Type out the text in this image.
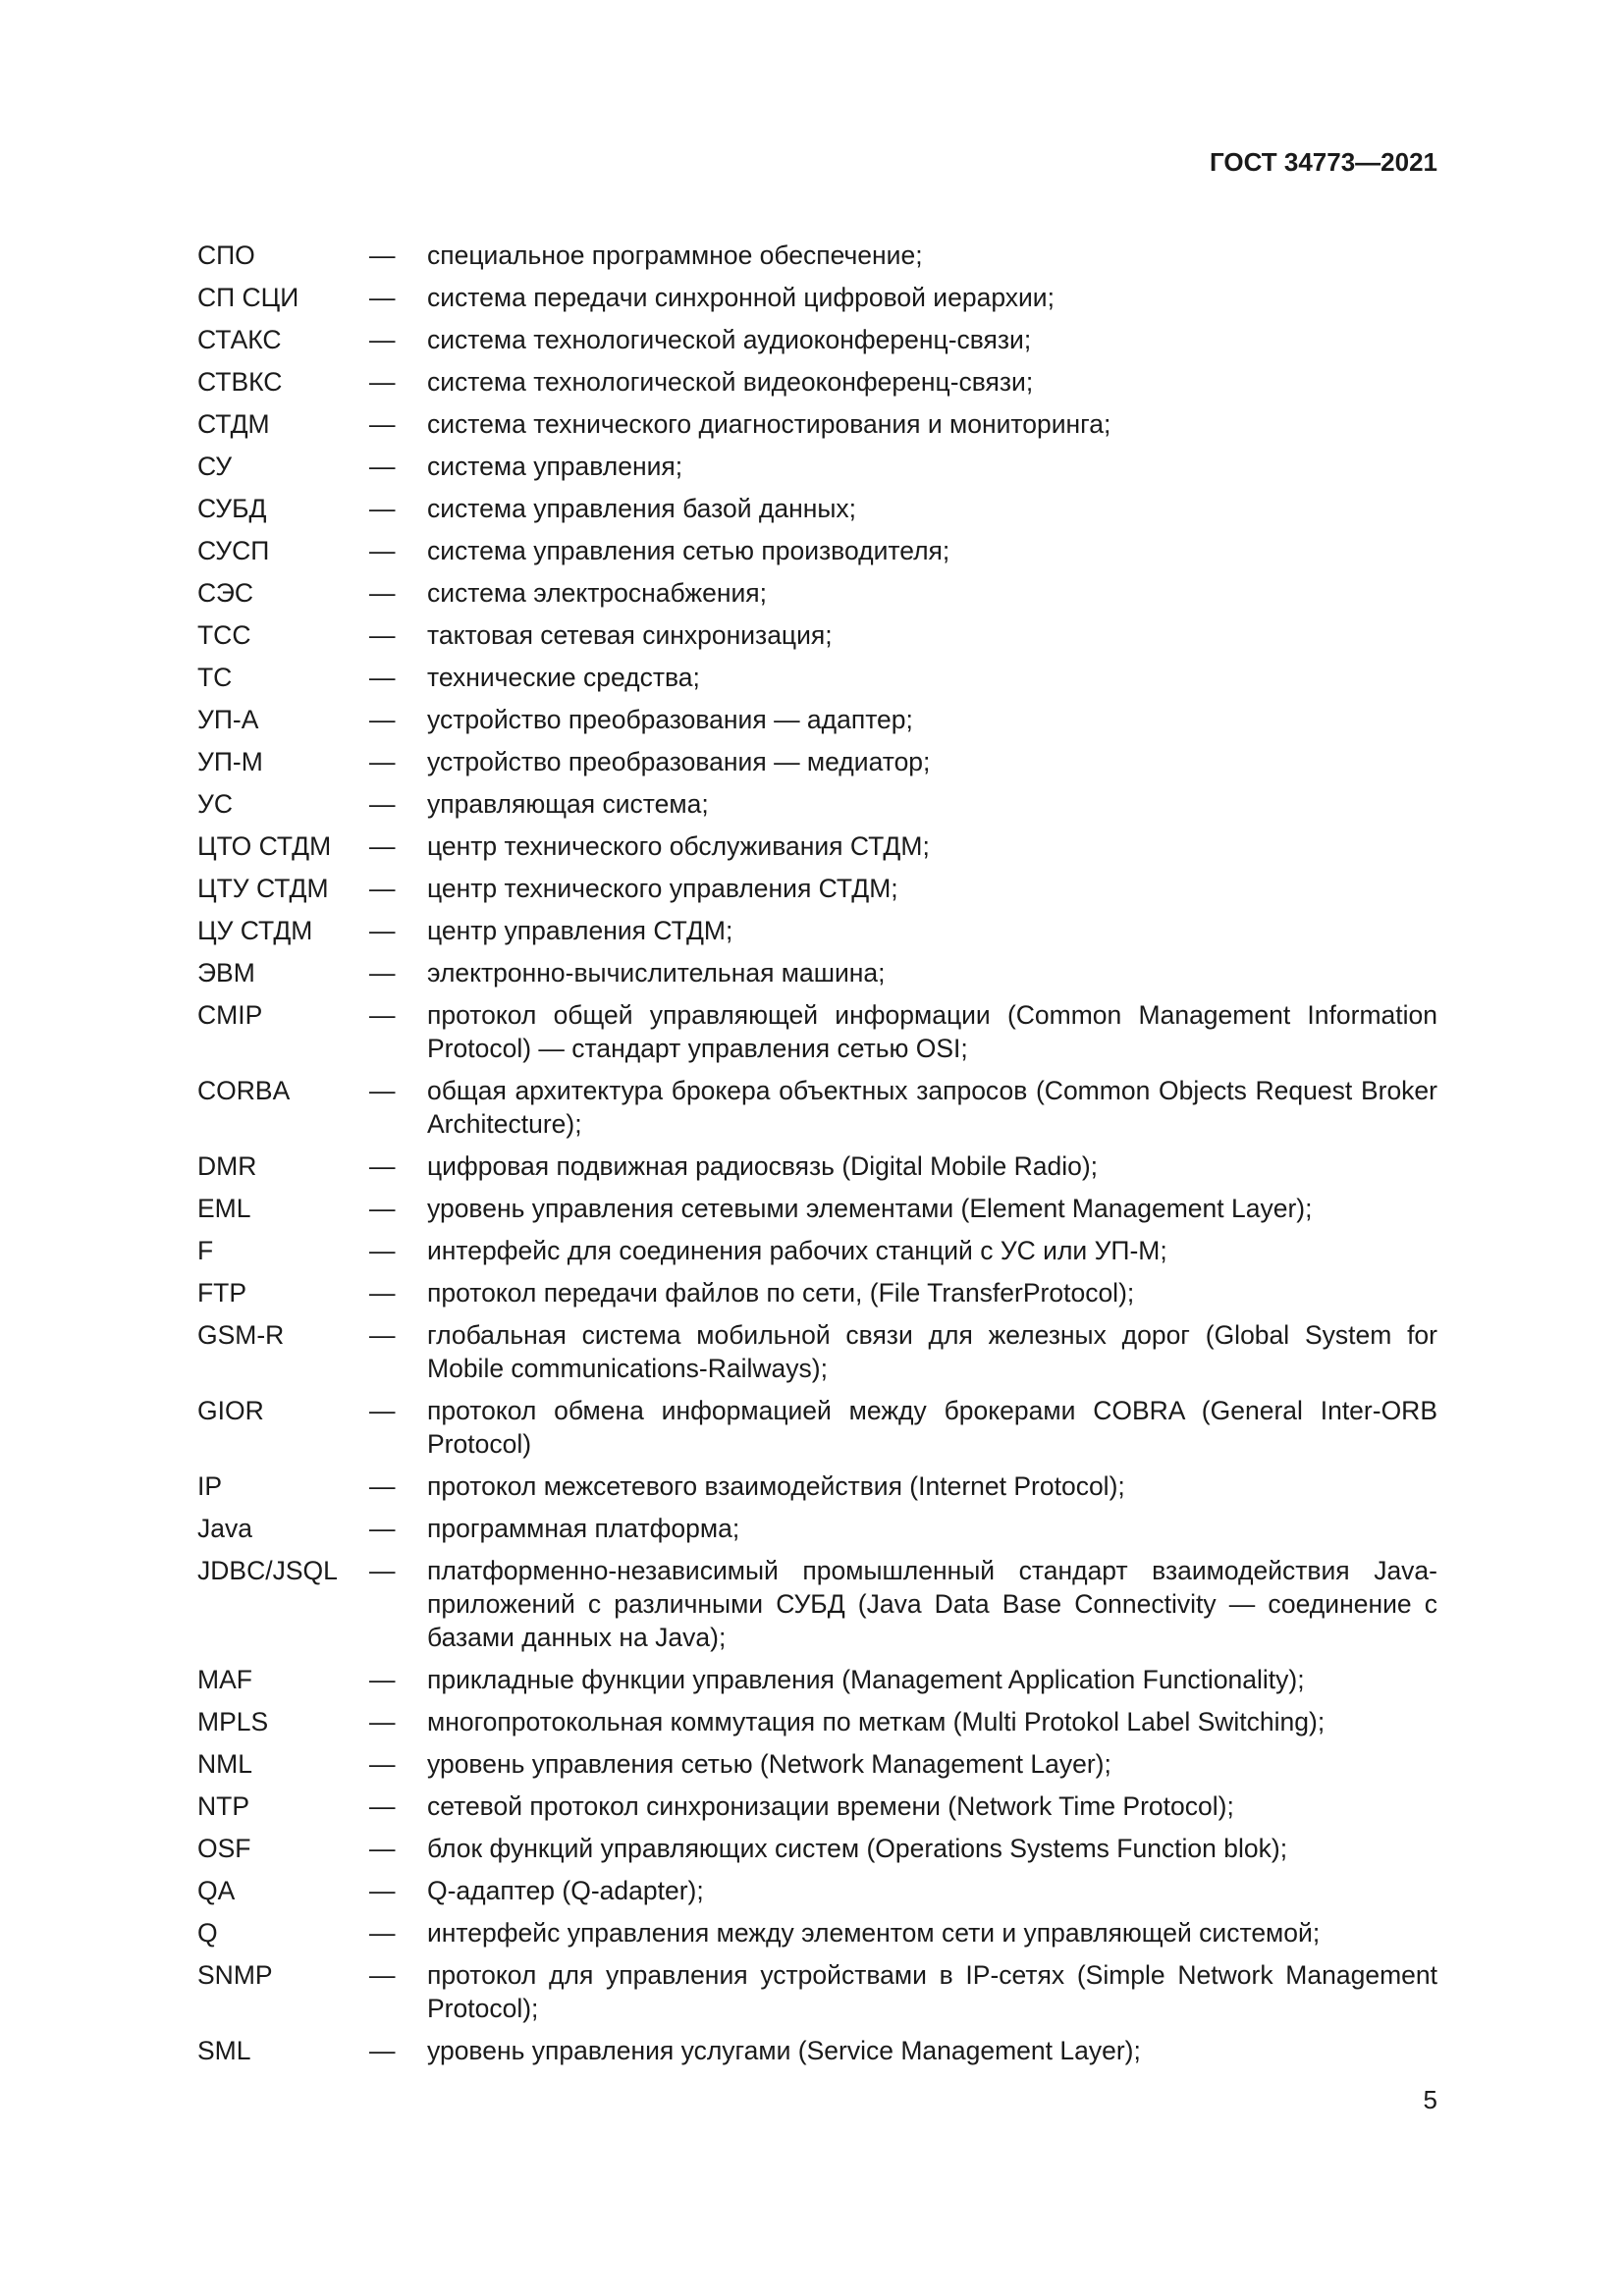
ГОСТ 34773—2021
СПО	—	специальное программное обеспечение;
СП СЦИ	—	система передачи синхронной цифровой иерархии;
СТАКС	—	система технологической аудиоконференц-связи;
СТВКС	—	система технологической видеоконференц-связи;
СТДМ	—	система технического диагностирования и мониторинга;
СУ	—	система управления;
СУБД	—	система управления базой данных;
СУСП	—	система управления сетью производителя;
СЭС	—	система электроснабжения;
ТСС	—	тактовая сетевая синхронизация;
ТС	—	технические средства;
УП-А	—	устройство преобразования — адаптер;
УП-М	—	устройство преобразования — медиатор;
УС	—	управляющая система;
ЦТО СТДМ	—	центр технического обслуживания СТДМ;
ЦТУ СТДМ	—	центр технического управления СТДМ;
ЦУ СТДМ	—	центр управления СТДМ;
ЭВМ	—	электронно-вычислительная машина;
CMIP	—	протокол общей управляющей информации (Common Management Information Protocol) — стандарт управления сетью OSI;
CORBA	—	общая архитектура брокера объектных запросов (Common Objects Request Broker Architecture);
DMR	—	цифровая подвижная радиосвязь (Digital Mobile Radio);
EML	—	уровень управления сетевыми элементами (Element Management Layer);
F	—	интерфейс для соединения рабочих станций с УС или УП-М;
FTP	—	протокол передачи файлов по сети, (File TransferProtocol);
GSM-R	—	глобальная система мобильной связи для железных дорог (Global System for Mobile communications-Railways);
GIOR	—	протокол обмена информацией между брокерами COBRA (General Inter-ORB Protocol)
IP	—	протокол межсетевого взаимодействия (Internet Protocol);
Java	—	программная платформа;
JDBC/JSQL	—	платформенно-независимый промышленный стандарт взаимодействия Java-приложений с различными СУБД (Java Data Base Connectivity — соединение с базами данных на Java);
MAF	—	прикладные функции управления (Management Application Functionality);
MPLS	—	многопротокольная коммутация по меткам (Multi Protokol Label Switching);
NML	—	уровень управления сетью (Network Management Layer);
NTP	—	сетевой протокол синхронизации времени (Network Time Protocol);
OSF	—	блок функций управляющих систем (Operations Systems Function blok);
QA	—	Q-адаптер (Q-adapter);
Q	—	интерфейс управления между элементом сети и управляющей системой;
SNMP	—	протокол для управления устройствами в IP-сетях (Simple Network Management Protocol);
SML	—	уровень управления услугами (Service Management Layer);
5
